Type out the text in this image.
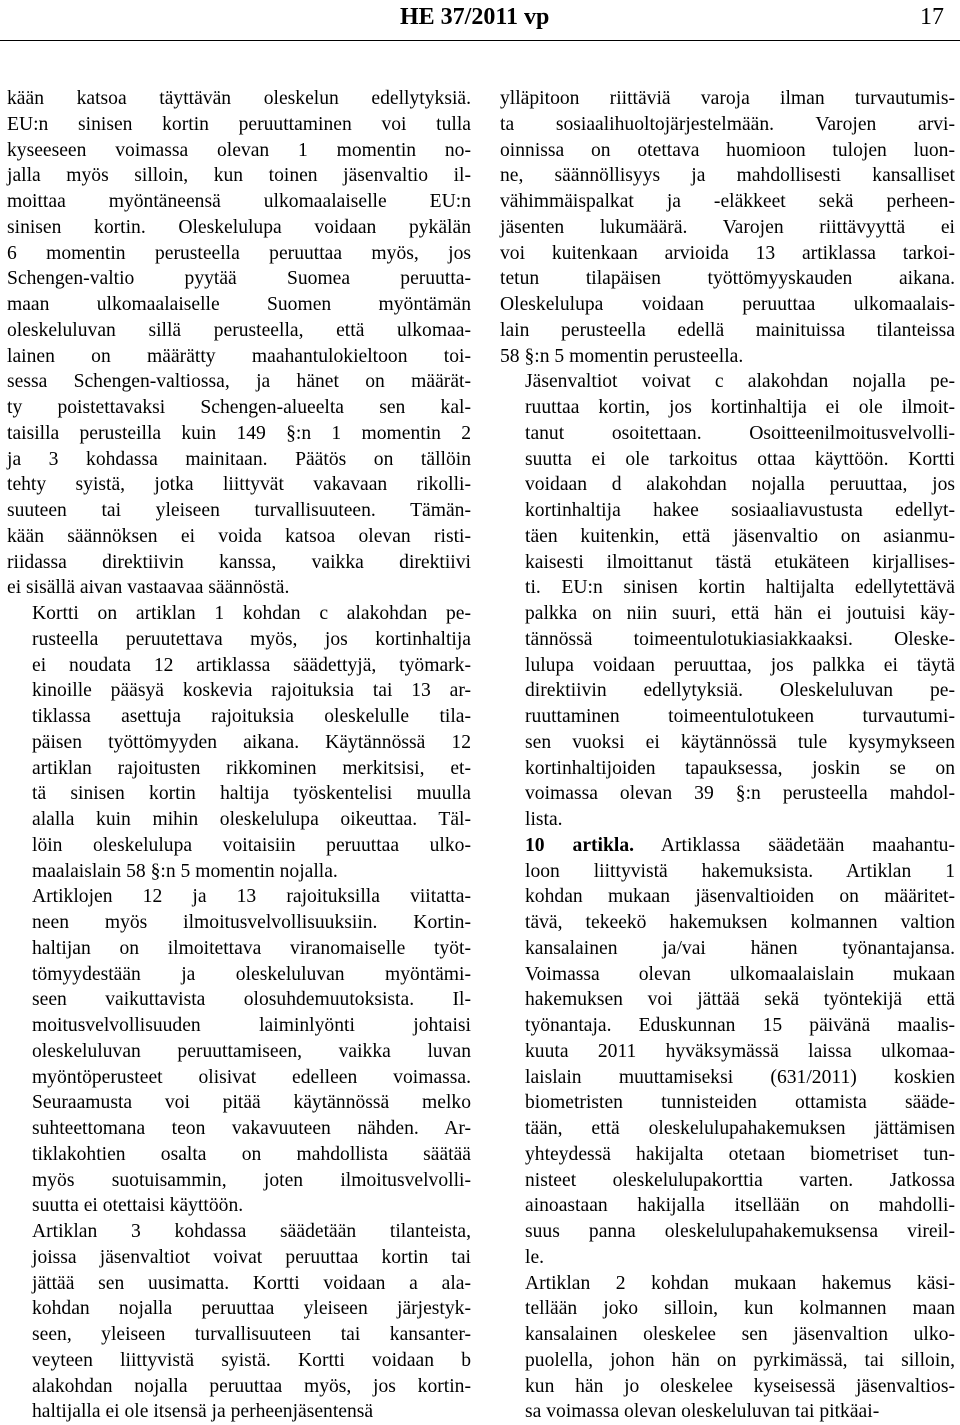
HE 37/2011 vp	17
kään katsoa täyttävän oleskelun edellytyksiä.
EU:n sinisen kortin peruuttaminen voi tulla
kyseeseen voimassa olevan 1 momentin no-
jalla myös silloin, kun toinen jäsenvaltio il-
moittaa myöntäneensä ulkomaalaiselle EU:n
sinisen kortin. Oleskelulupa voidaan pykälän
6 momentin perusteella peruuttaa myös, jos
Schengen-valtio pyytää Suomea peruutta-
maan ulkomaalaiselle Suomen myöntämän
oleskeluluvan sillä perusteella, että ulkomaa-
lainen on määrätty maahantulokieltoon toi-
sessa Schengen-valtiossa, ja hänet on määrät-
ty poistettavaksi Schengen-alueelta sen kal-
taisilla perusteilla kuin 149 §:n 1 momentin 2
ja 3 kohdassa mainitaan. Päätös on tällöin
tehty syistä, jotka liittyvät vakavaan rikolli-
suuteen tai yleiseen turvallisuuteen. Tämän-
kään säännöksen ei voida katsoa olevan risti-
riidassa direktiivin kanssa, vaikka direktiivi
ei sisällä aivan vastaavaa säännöstä.
Kortti on artiklan 1 kohdan c alakohdan pe-
rusteella peruutettava myös, jos kortinhaltija
ei noudata 12 artiklassa säädettyjä, työmark-
kinoille pääsyä koskevia rajoituksia tai 13 ar-
tiklassa asettuja rajoituksia oleskelulle tila-
päisen työttömyyden aikana. Käytännössä 12
artiklan rajoitusten rikkominen merkitsisi, et-
tä sinisen kortin haltija työskentelisi muulla
alalla kuin mihin oleskelulupa oikeuttaa. Täl-
löin oleskelulupa voitaisiin peruuttaa ulko-
maalaislain 58 §:n 5 momentin nojalla.
Artiklojen 12 ja 13 rajoituksilla viitatta-
neen myös ilmoitusvelvollisuuksiin. Kortin-
haltijan on ilmoitettava viranomaiselle työt-
tömyydestään ja oleskeluluvan myöntämi-
seen vaikuttavista olosuhdemuutoksista. Il-
moitusvelvollisuuden laiminlyönti johtaisi
oleskeluluvan peruuttamiseen, vaikka luvan
myöntöperusteet olisivat edelleen voimassa.
Seuraamusta voi pitää käytännössä melko
suhteettomana teon vakavuuteen nähden. Ar-
tiklakohtien osalta on mahdollista säätää
myös suotuisammin, joten ilmoitusvelvolli-
suutta ei otettaisi käyttöön.
Artiklan 3 kohdassa säädetään tilanteista,
joissa jäsenvaltiot voivat peruuttaa kortin tai
jättää sen uusimatta. Kortti voidaan a ala-
kohdan nojalla peruuttaa yleiseen järjestyk-
seen, yleiseen turvallisuuteen tai kansanter-
veyteen liittyvistä syistä. Kortti voidaan b
alakohdan nojalla peruuttaa myös, jos kortin-
haltijalla ei ole itsensä ja perheenjäsentensä
ylläpitoon riittäviä varoja ilman turvautumis-
ta sosiaalihuoltojärjestelmään. Varojen arvi-
oinnissa on otettava huomioon tulojen luon-
ne, säännöllisyys ja mahdollisesti kansalliset
vähimmäispalkat ja -eläkkeet sekä perheen-
jäsenten lukumäärä. Varojen riittävyyttä ei
voi kuitenkaan arvioida 13 artiklassa tarkoi-
tetun tilapäisen työttömyyskauden aikana.
Oleskelulupa voidaan peruuttaa ulkomaalais-
lain perusteella edellä mainituissa tilanteissa
58 §:n 5 momentin perusteella.
Jäsenvaltiot voivat c alakohdan nojalla pe-
ruuttaa kortin, jos kortinhaltija ei ole ilmoit-
tanut osoitettaan. Osoitteenilmoitusvelvolli-
suutta ei ole tarkoitus ottaa käyttöön. Kortti
voidaan d alakohdan nojalla peruuttaa, jos
kortinhaltija hakee sosiaaliavustusta edellyt-
täen kuitenkin, että jäsenvaltio on asianmu-
kaisesti ilmoittanut tästä etukäteen kirjallises-
ti. EU:n sinisen kortin haltijalta edellytettävä
palkka on niin suuri, että hän ei joutuisi käy-
tännössä toimeentulotukiasiakkaaksi. Oleske-
lulupa voidaan peruuttaa, jos palkka ei täytä
direktiivin edellytyksiä. Oleskeluluvan pe-
ruuttaminen toimeentulotukeen turvautumi-
sen vuoksi ei käytännössä tule kysymykseen
kortinhaltijoiden tapauksessa, joskin se on
voimassa olevan 39 §:n perusteella mahdol-
lista.
10 artikla. Artiklassa säädetään maahantu-
loon liittyvistä hakemuksista. Artiklan 1
kohdan mukaan jäsenvaltioiden on määritet-
tävä, tekeekö hakemuksen kolmannen valtion
kansalainen ja/vai hänen työnantajansa.
Voimassa olevan ulkomaalaislain mukaan
hakemuksen voi jättää sekä työntekijä että
työnantaja. Eduskunnan 15 päivänä maalis-
kuuta 2011 hyväksymässä laissa ulkomaa-
laislain muuttamiseksi (631/2011) koskien
biometristen tunnisteiden ottamista sääde-
tään, että oleskelulupahakemuksen jättämisen
yhteydessä hakijalta otetaan biometriset tun-
nisteet oleskelulupakorttia varten. Jatkossa
ainoastaan hakijalla itsellään on mahdolli-
suus panna oleskelulupahakemuksensa vireil-
le.
Artiklan 2 kohdan mukaan hakemus käsi-
tellään joko silloin, kun kolmannen maan
kansalainen oleskelee sen jäsenvaltion ulko-
puolella, johon hän on pyrkimässä, tai silloin,
kun hän jo oleskelee kyseisessä jäsenvaltios-
sa voimassa olevan oleskeluluvan tai pitkäai-
